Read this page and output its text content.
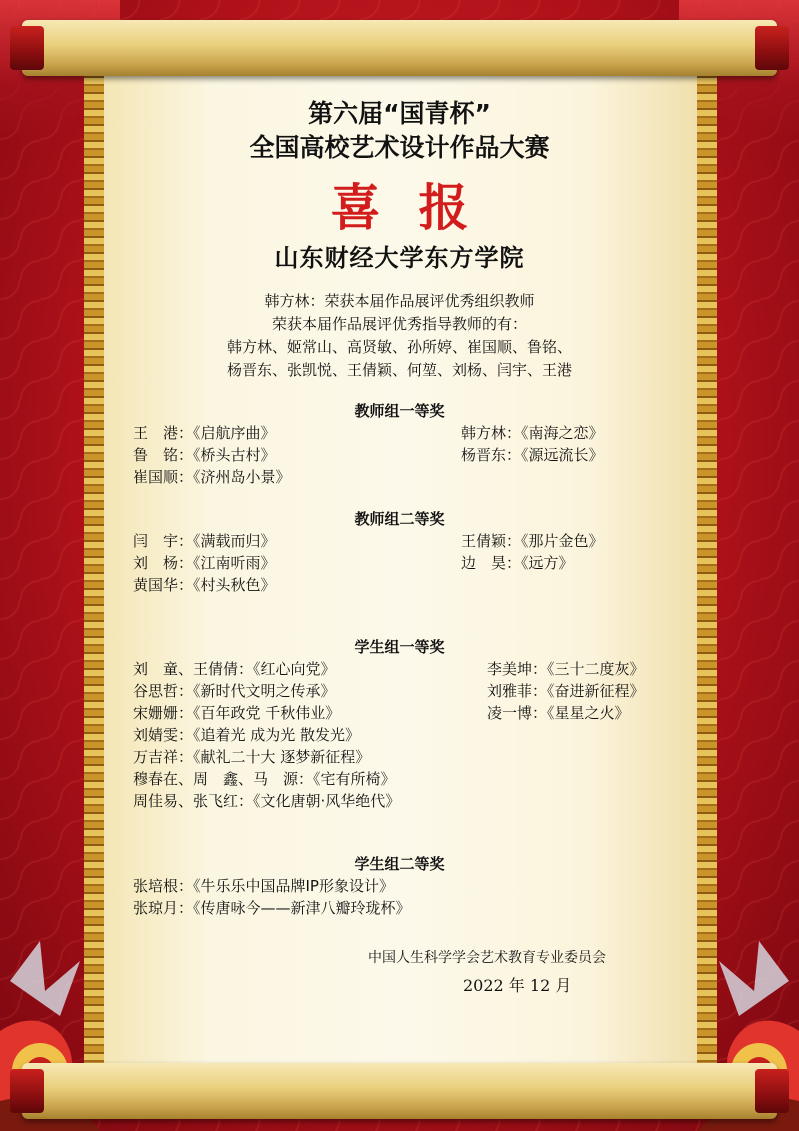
第六届“国青杯”
全国高校艺术设计作品大赛
喜报
山东财经大学东方学院
韩方林：荣获本届作品展评优秀组织教师
荣获本届作品展评优秀指导教师的有：
韩方林、姬常山、高贤敏、孙所婷、崔国顺、鲁铭、
杨晋东、张凯悦、王倩颖、何堃、刘杨、闫宇、王港
教师组一等奖
王　港：《启航序曲》	韩方林：《南海之恋》
鲁　铭：《桥头古村》	杨晋东：《源远流长》
崔国顺：《济州岛小景》
教师组二等奖
闫　宇：《满载而归》	王倩颖：《那片金色》
刘　杨：《江南听雨》	边　昊：《远方》
黄国华：《村头秋色》
学生组一等奖
刘　童、王倩倩：《红心向党》	李美坤：《三十二度灰》
谷思哲：《新时代文明之传承》	刘雅菲：《奋进新征程》
宋姗姗：《百年政党 千秋伟业》	凌一博：《星星之火》
刘婧雯：《追着光 成为光 散发光》
万吉祥：《献礼二十大 逐梦新征程》
穆春在、周　鑫、马　源：《宅有所椅》
周佳易、张飞红：《文化唐朝·风华绝代》
学生组二等奖
张培根：《牛乐乐中国品牌IP形象设计》
张琼月：《传唐咏今——新津八瓣玲珑杯》
中国人生科学学会艺术教育专业委员会
2022 年 12 月
